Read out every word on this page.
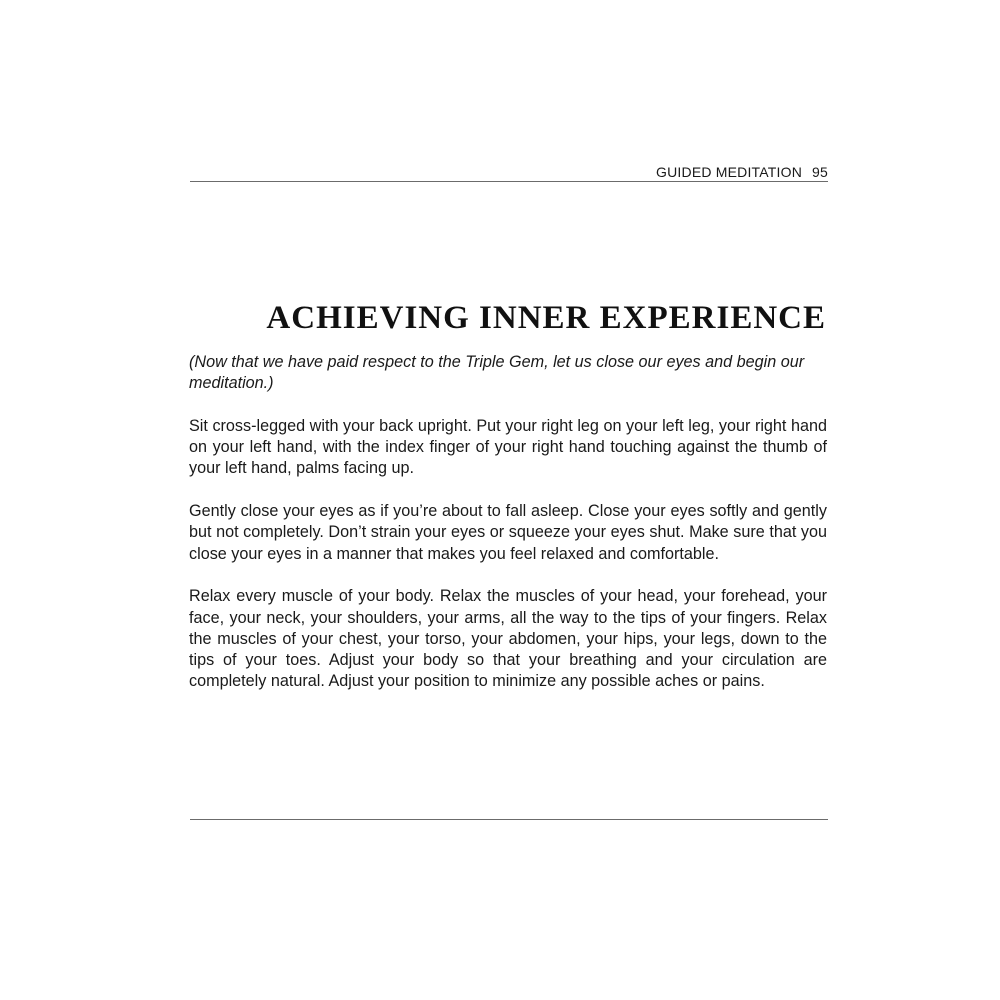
GUIDED MEDITATION 95
ACHIEVING INNER EXPERIENCE

(Now that we have paid respect to the Triple Gem, let us close our eyes and begin our meditation.)

Sit cross-legged with your back upright. Put your right leg on your left leg, your right hand on your left hand, with the index finger of your right hand touching against the thumb of your left hand, palms facing up.

Gently close your eyes as if you’re about to fall asleep. Close your eyes softly and gently but not completely. Don’t strain your eyes or squeeze your eyes shut. Make sure that you close your eyes in a manner that makes you feel relaxed and comfortable.

Relax every muscle of your body. Relax the muscles of your head, your forehead, your face, your neck, your shoulders, your arms, all the way to the tips of your fingers. Relax the muscles of your chest, your torso, your abdomen, your hips, your legs, down to the tips of your toes. Adjust your body so that your breathing and your circulation are completely natural. Adjust your position to minimize any possible aches or pains.
